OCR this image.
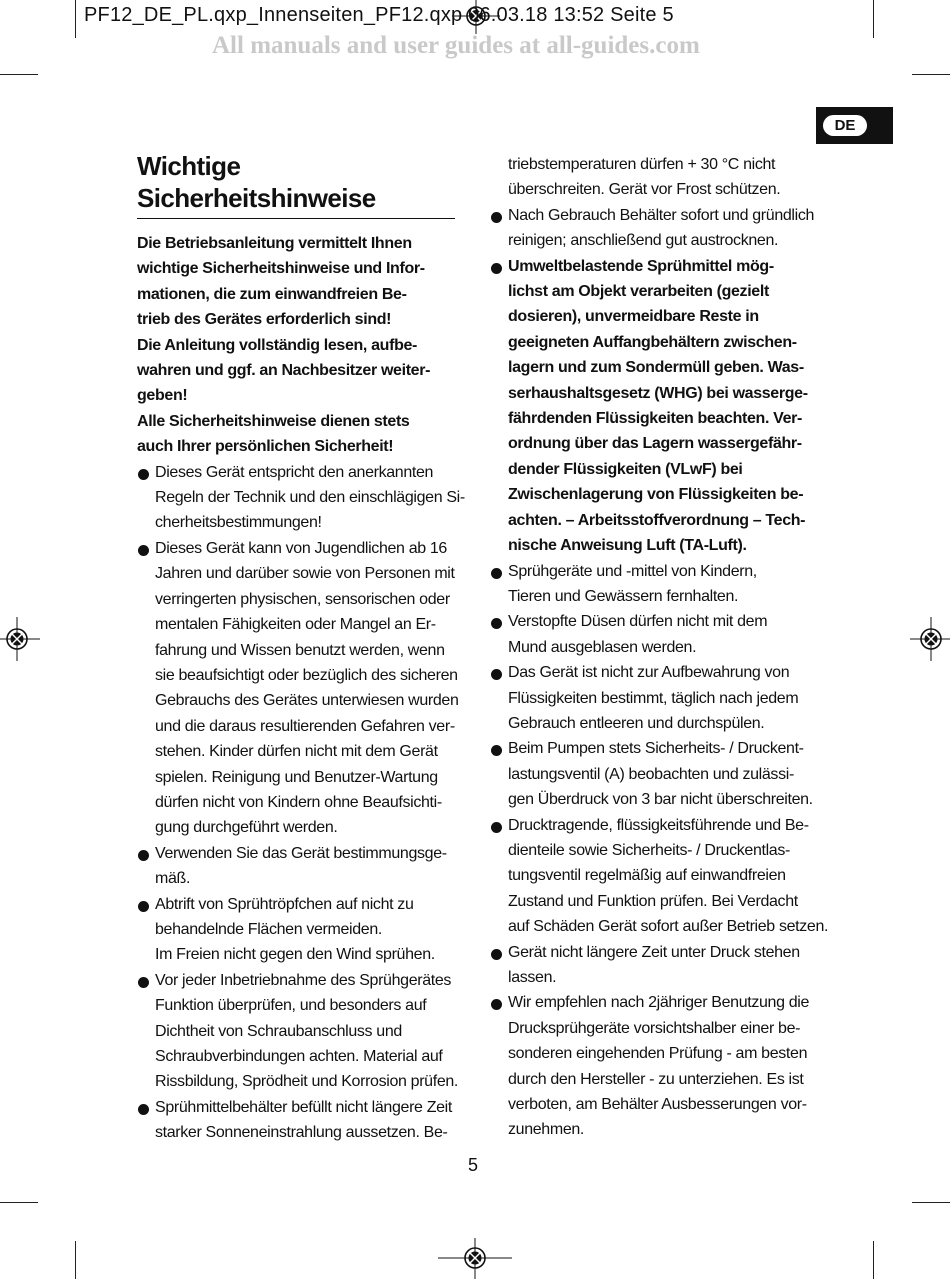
PF12_DE_PL.qxp_Innenseiten_PF12.qxp 06.03.18 13:52 Seite 5
All manuals and user guides at all-guides.com
DE
Wichtige
Sicherheitshinweise

Die Betriebsanleitung vermittelt Ihnen
wichtige Sicherheitshinweise und Infor-
mationen, die zum einwandfreien Be-
trieb des Gerätes erforderlich sind!

Die Anleitung vollständig lesen, aufbe-
wahren und ggf. an Nachbesitzer weiter-
geben!

Alle Sicherheitshinweise dienen stets
auch Ihrer persönlichen Sicherheit!

Dieses Gerät entspricht den anerkannten
Regeln der Technik und den einschlägigen Si-
cherheitsbestimmungen!
Dieses Gerät kann von Jugendlichen ab 16
Jahren und darüber sowie von Personen mit
verringerten physischen, sensorischen oder
mentalen Fähigkeiten oder Mangel an Er-
fahrung und Wissen benutzt werden, wenn
sie beaufsichtigt oder bezüglich des sicheren
Gebrauchs des Gerätes unterwiesen wurden
und die daraus resultierenden Gefahren ver-
stehen. Kinder dürfen nicht mit dem Gerät
spielen. Reinigung und Benutzer-Wartung
dürfen nicht von Kindern ohne Beaufsichti-
gung durchgeführt werden.
Verwenden Sie das Gerät bestimmungsge-
mäß.
Abtrift von Sprühtröpfchen auf nicht zu
behandelnde Flächen vermeiden.
Im Freien nicht gegen den Wind sprühen.
Vor jeder Inbetriebnahme des Sprühgerätes
Funktion überprüfen, und besonders auf
Dichtheit von Schraubanschluss und
Schraubverbindungen achten. Material auf
Rissbildung, Sprödheit und Korrosion prüfen.
Sprühmittelbehälter befüllt nicht längere Zeit
starker Sonneneinstrahlung aussetzen. Be-
triebstemperaturen dürfen + 30 °C nicht
überschreiten. Gerät vor Frost schützen.
Nach Gebrauch Behälter sofort und gründlich
reinigen; anschließend gut austrocknen.
Umweltbelastende Sprühmittel mög-
lichst am Objekt verarbeiten (gezielt
dosieren), unvermeidbare Reste in
geeigneten Auffangbehältern zwischen-
lagern und zum Sondermüll geben. Was-
serhaushaltsgesetz (WHG) bei wasserge-
fährdenden Flüssigkeiten beachten. Ver-
ordnung über das Lagern wassergefähr-
dender Flüssigkeiten (VLwF) bei
Zwischenlagerung von Flüssigkeiten be-
achten. – Arbeitsstoffverordnung – Tech-
nische Anweisung Luft (TA-Luft).
Sprühgeräte und -mittel von Kindern,
Tieren und Gewässern fernhalten.
Verstopfte Düsen dürfen nicht mit dem
Mund ausgeblasen werden.
Das Gerät ist nicht zur Aufbewahrung von
Flüssigkeiten bestimmt, täglich nach jedem
Gebrauch entleeren und durchspülen.
Beim Pumpen stets Sicherheits- / Druckent-
lastungsventil (A) beobachten und zulässi-
gen Überdruck von 3 bar nicht überschreiten.
Drucktragende, flüssigkeitsführende und Be-
dienteile sowie Sicherheits- / Druckentlas-
tungsventil regelmäßig auf einwandfreien
Zustand und Funktion prüfen. Bei Verdacht
auf Schäden Gerät sofort außer Betrieb setzen.
Gerät nicht längere Zeit unter Druck stehen
lassen.
Wir empfehlen nach 2jähriger Benutzung die
Drucksprühgeräte vorsichtshalber einer be-
sonderen eingehenden Prüfung - am besten
durch den Hersteller - zu unterziehen. Es ist
verboten, am Behälter Ausbesserungen vor-
zunehmen.
5
